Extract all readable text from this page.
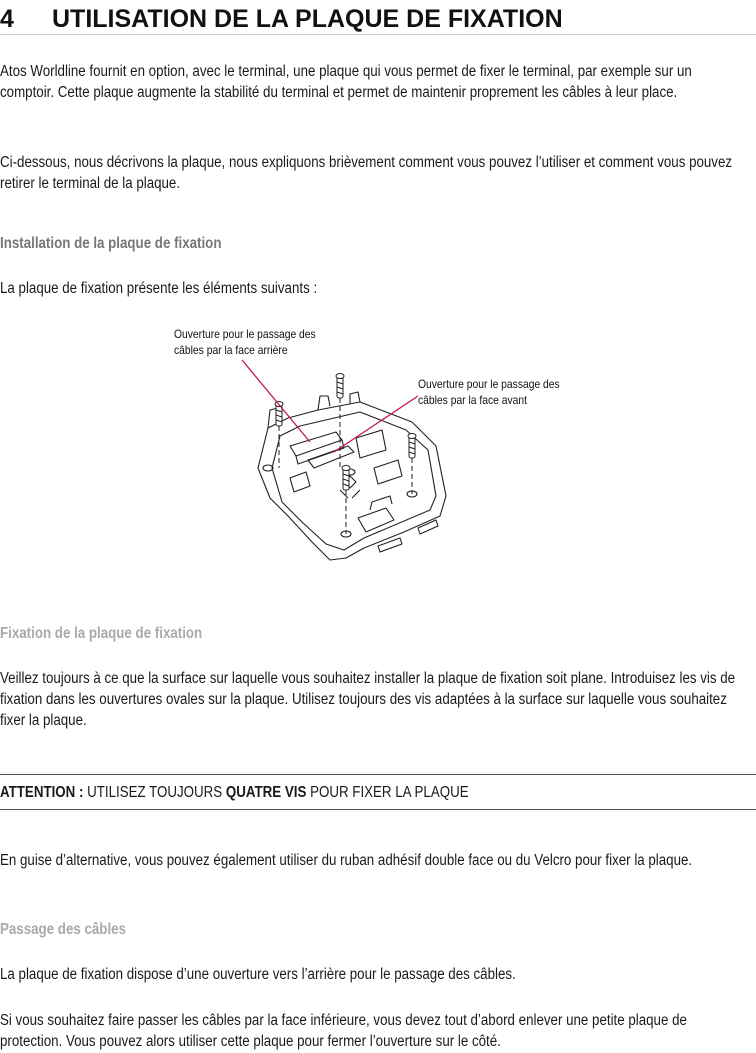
4	UTILISATION DE LA PLAQUE DE FIXATION

Atos Worldline fournit en option, avec le terminal, une plaque qui vous permet de fixer le terminal, par exemple sur un comptoir. Cette plaque augmente la stabilité du terminal et permet de maintenir proprement les câbles à leur place.

Ci-dessous, nous décrivons la plaque, nous expliquons brièvement comment vous pouvez l’utiliser et comment vous pouvez retirer le terminal de la plaque.

Installation de la plaque de fixation

La plaque de fixation présente les éléments suivants :

Ouverture pour le passage des
câbles par la face arrière

Ouverture pour le passage des
câbles par la face avant

Fixation de la plaque de fixation

Veillez toujours à ce que la surface sur laquelle vous souhaitez installer la plaque de fixation soit plane. Introduisez les vis de fixation dans les ouvertures ovales sur la plaque. Utilisez toujours des vis adaptées à la surface sur laquelle vous souhaitez fixer la plaque.

ATTENTION : UTILISEZ TOUJOURS QUATRE VIS POUR FIXER LA PLAQUE

En guise d’alternative, vous pouvez également utiliser du ruban adhésif double face ou du Velcro pour fixer la plaque.

Passage des câbles

La plaque de fixation dispose d’une ouverture vers l’arrière pour le passage des câbles.

Si vous souhaitez faire passer les câbles par la face inférieure, vous devez tout d’abord enlever une petite plaque de protection. Vous pouvez alors utiliser cette plaque pour fermer l’ouverture sur le côté.
